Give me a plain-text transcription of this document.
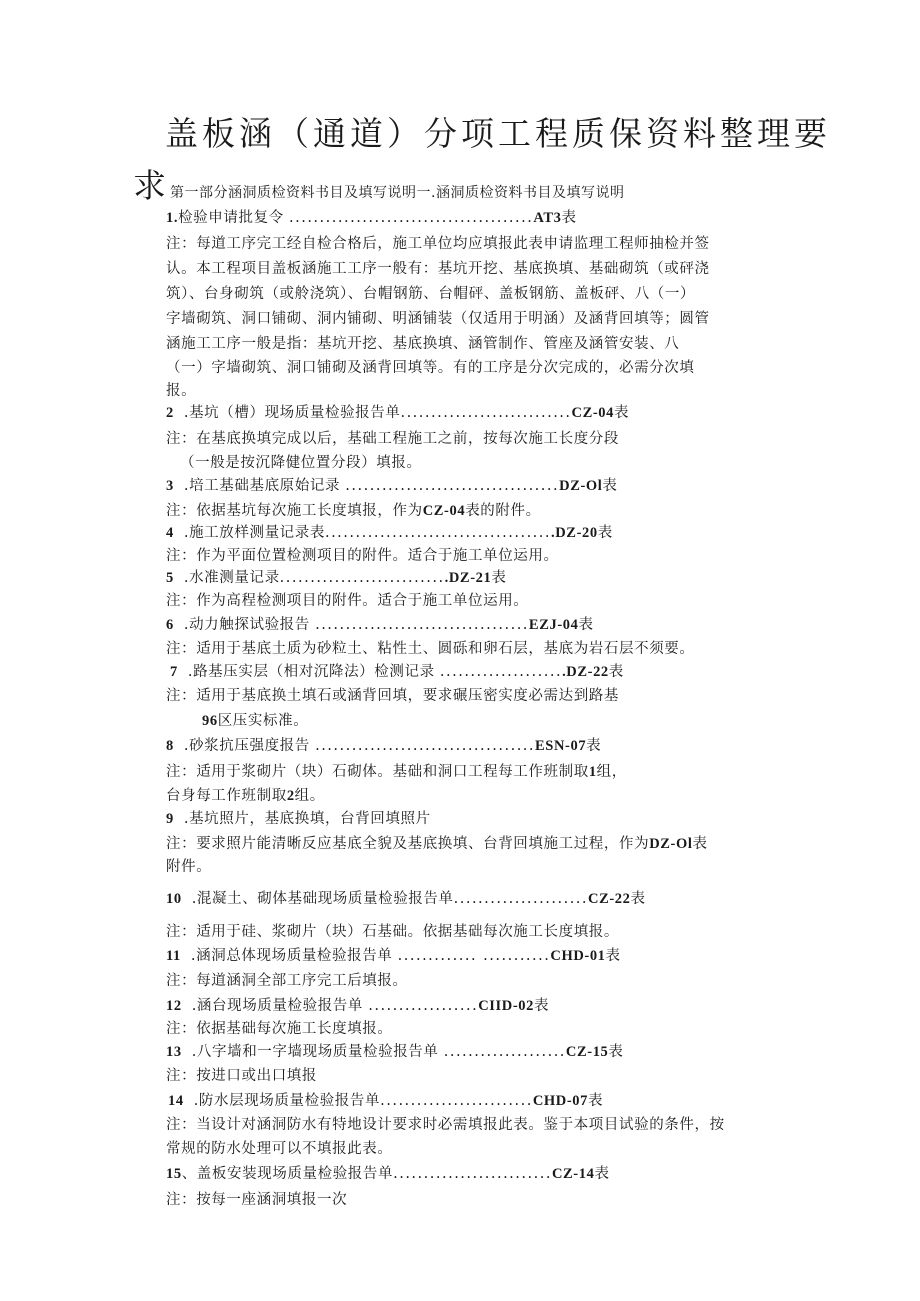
盖板涵（通道）分项工程质保资料整理要
求第一部分涵洞质检资料书目及填写说明一.涵洞质检资料书目及填写说明
1.检验申请批复令 ........................................AT3表
注：每道工序完工经自检合格后，施工单位均应填报此表申请监理工程师抽检并签
认。本工程项目盖板涵施工工序一般有：基坑开挖、基底换填、基础砌筑（或砰浇
筑）、台身砌筑（或舲浇筑）、台帽钢筋、台帽砰、盖板钢筋、盖板砰、八（一）
字墙砌筑、洞口铺砌、洞内铺砌、明涵铺装（仅适用于明涵）及涵背回填等；圆管
涵施工工序一般是指：基坑开挖、基底换填、涵管制作、管座及涵管安装、八
（一）字墙砌筑、洞口铺砌及涵背回填等。有的工序是分次完成的，必需分次填
报。
2 .基坑（槽）现场质量检验报告单............................CZ-04表
注：在基底换填完成以后，基础工程施工之前，按每次施工长度分段
（一般是按沉降健位置分段）填报。
3 .培工基础基底原始记录 ...................................DZ-Ol表
注：依据基坑每次施工长度填报，作为CZ-04表的附件。
4 .施工放样测量记录表......................................DZ-20表
注：作为平面位置检测项目的附件。适合于施工单位运用。
5 .水准测量记录............................DZ-21表
注：作为高程检测项目的附件。适合于施工单位运用。
6 .动力触探试验报告 ...................................EZJ-04表
注：适用于基底土质为砂粒土、粘性土、圆砾和卵石层，基底为岩石层不须要。
7 .路基压实层（相对沉降法）检测记录 .....................DZ-22表
注：适用于基底换土填石或涵背回填，要求碾压密实度必需达到路基
96区压实标准。
8 .砂浆抗压强度报告 ....................................ESN-07表
注：适用于浆砌片（块）石砌体。基础和洞口工程每工作班制取1组，
台身每工作班制取2组。
9 .基坑照片，基底换填，台背回填照片
注：要求照片能清晰反应基底全貌及基底换填、台背回填施工过程，作为DZ-Ol表
附件。
10 .混凝土、砌体基础现场质量检验报告单......................CZ-22表
注：适用于硅、浆砌片（块）石基础。依据基础每次施工长度填报。
11 .涵洞总体现场质量检验报告单 ............. ...........CHD-01表
注：每道涵洞全部工序完工后填报。
12 .涵台现场质量检验报告单 ..................CIID-02表
注：依据基础每次施工长度填报。
13 .八字墙和一字墙现场质量检验报告单 ....................CZ-15表
注：按进口或出口填报
14 .防水层现场质量检验报告单.........................CHD-07表
注：当设计对涵洞防水有特地设计要求时必需填报此表。鉴于本项目试验的条件，按
常规的防水处理可以不填报此表。
15、盖板安装现场质量检验报告单..........................CZ-14表
注：按每一座涵洞填报一次
